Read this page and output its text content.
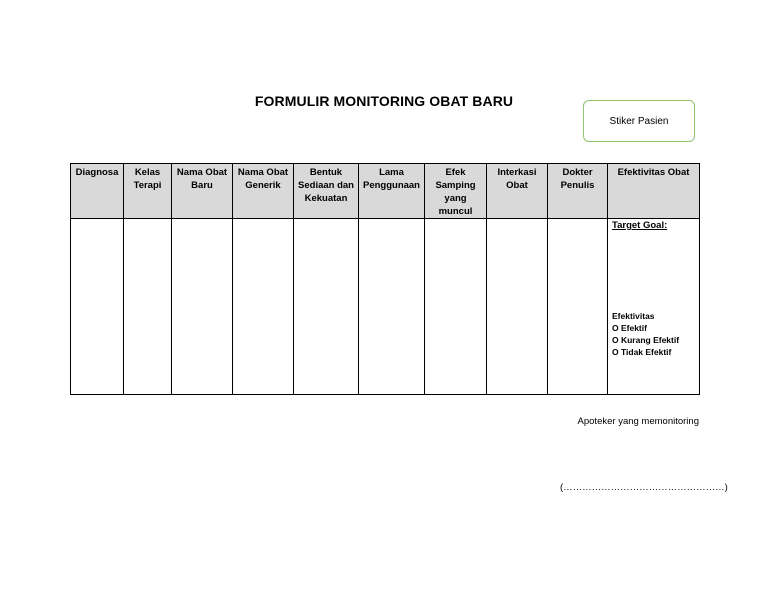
FORMULIR MONITORING OBAT BARU
Stiker Pasien
Diagnosa	Kelas Terapi	Nama Obat Baru	Nama Obat Generik	Bentuk Sediaan dan Kekuatan	Lama Penggunaan	Efek Samping yang muncul	Interkasi Obat	Dokter Penulis	Efektivitas Obat

									Target Goal:
Efektivitas
O Efektif
O Kurang Efektif
O Tidak Efektif
Apoteker yang memonitoring
(……………………………………………)
